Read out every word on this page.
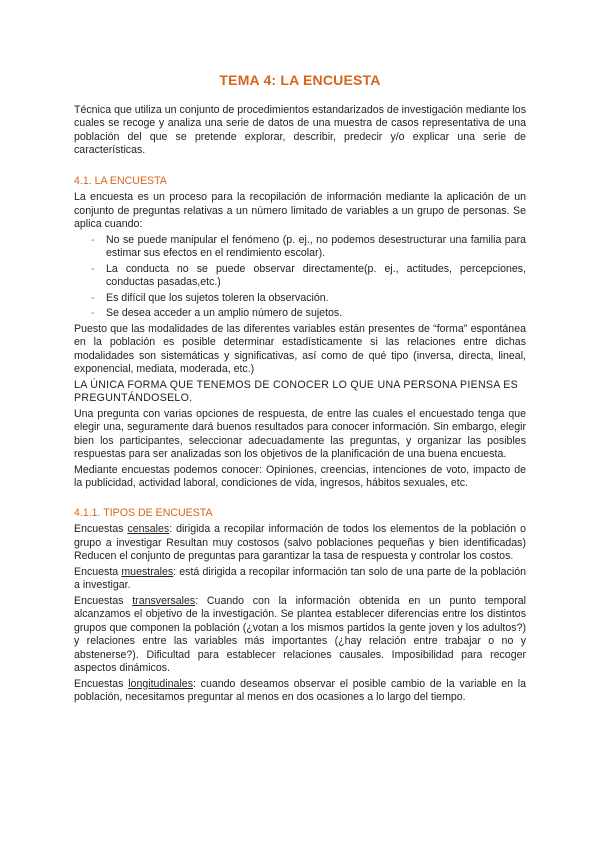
TEMA 4: LA ENCUESTA

Técnica que utiliza un conjunto de procedimientos estandarizados de investigación mediante los cuales se recoge y analiza una serie de datos de una muestra de casos representativa de una población del que se pretende explorar, describir, predecir y/o explicar una serie de características.

4.1. LA ENCUESTA

La encuesta es un proceso para la recopilación de información mediante la aplicación de un conjunto de preguntas relativas a un número limitado de variables a un grupo de personas. Se aplica cuando:

- No se puede manipular el fenómeno (p. ej., no podemos desestructurar una familia para estimar sus efectos en el rendimiento escolar).
- La conducta no se puede observar directamente(p. ej., actitudes, percepciones, conductas pasadas,etc.)
- Es difícil que los sujetos toleren la observación.
- Se desea acceder a un amplio número de sujetos.

Puesto que las modalidades de las diferentes variables están presentes de “forma” espontánea en la población es posible determinar estadísticamente si las relaciones entre dichas modalidades son sistemáticas y significativas, así como de qué tipo (inversa, directa, lineal, exponencial, mediata, moderada, etc.)

LA ÚNICA FORMA QUE TENEMOS DE CONOCER LO QUE UNA PERSONA PIENSA ES PREGUNTÁNDOSELO.

Una pregunta con varias opciones de respuesta, de entre las cuales el encuestado tenga que elegir una, seguramente dará buenos resultados para conocer información. Sin embargo, elegir bien los participantes, seleccionar adecuadamente las preguntas, y organizar las posibles respuestas para ser analizadas son los objetivos de la planificación de una buena encuesta.

Mediante encuestas podemos conocer: Opiniones, creencias, intenciones de voto, impacto de la publicidad, actividad laboral, condiciones de vida, ingresos, hábitos sexuales, etc.

4.1.1. TIPOS DE ENCUESTA

Encuestas censales: dirigida a recopilar información de todos los elementos de la población o grupo a investigar Resultan muy costosos (salvo poblaciones pequeñas y bien identificadas) Reducen el conjunto de preguntas para garantizar la tasa de respuesta y controlar los costos.

Encuesta muestrales: está dirigida a recopilar información tan solo de una parte de la población a investigar.

Encuestas transversales: Cuando con la información obtenida en un punto temporal alcanzamos el objetivo de la investigación. Se plantea establecer diferencias entre los distintos grupos que componen la población (¿votan a los mismos partidos la gente joven y los adultos?) y relaciones entre las variables más importantes (¿hay relación entre trabajar o no y abstenerse?). Dificultad para establecer relaciones causales. Imposibilidad para recoger aspectos dinámicos.

Encuestas longitudinales: cuando deseamos observar el posible cambio de la variable en la población, necesitamos preguntar al menos en dos ocasiones a lo largo del tiempo.
